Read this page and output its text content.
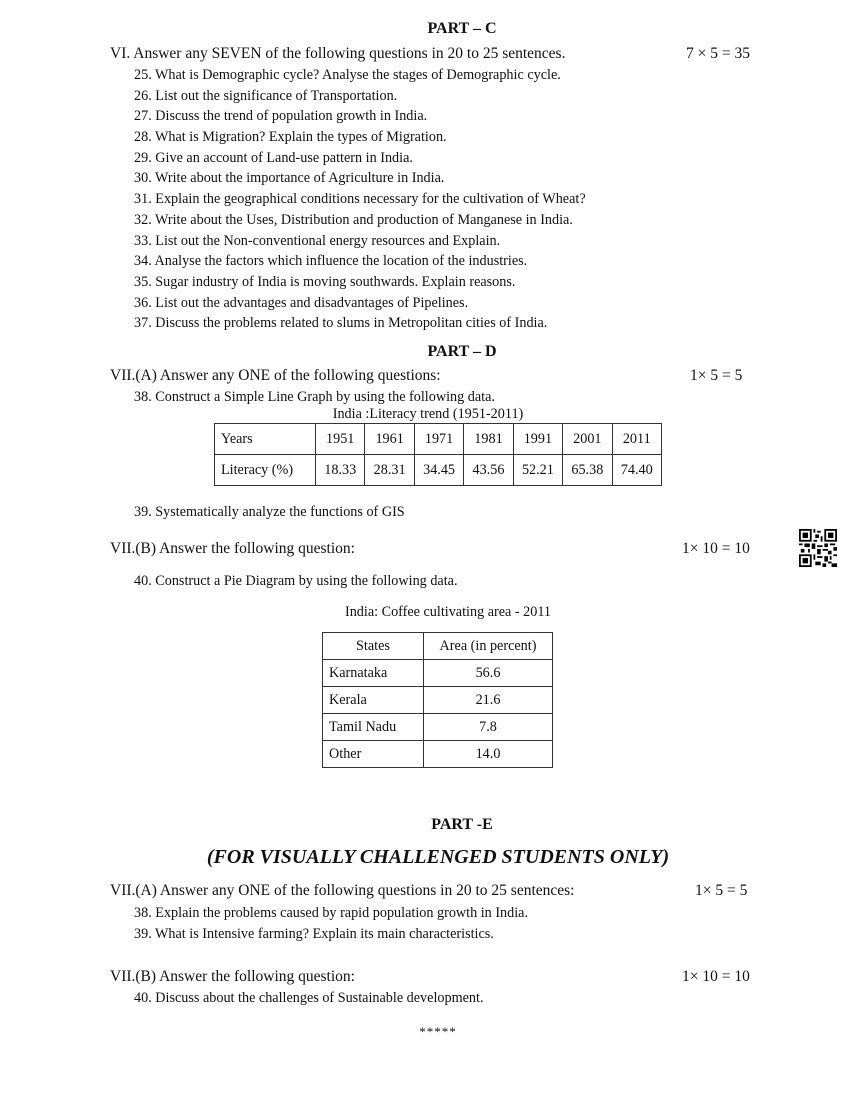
PART – C
VI. Answer any SEVEN of the following questions in 20 to 25 sentences.	7 × 5 = 35
25. What is Demographic cycle? Analyse the stages of Demographic cycle.
26. List out the significance of Transportation.
27. Discuss the trend of population growth in India.
28. What is Migration? Explain the types of Migration.
29. Give an account of Land-use pattern in India.
30. Write about the importance of Agriculture in India.
31. Explain the geographical conditions necessary for the cultivation of Wheat?
32. Write about the Uses, Distribution and production of Manganese in India.
33. List out the Non-conventional energy resources and Explain.
34. Analyse the factors which influence the location of the industries.
35. Sugar industry of India is moving southwards. Explain reasons.
36. List out the advantages and disadvantages of Pipelines.
37. Discuss the problems related to slums in Metropolitan cities of India.
PART – D
VII.(A) Answer any ONE of the following questions:	1× 5 = 5
38. Construct a Simple Line Graph by using the following data.
India :Literacy trend (1951-2011)
Years	1951	1961	1971	1981	1991	2001	2011
Literacy (%)	18.33	28.31	34.45	43.56	52.21	65.38	74.40
39. Systematically analyze the functions of GIS
VII.(B) Answer the following question:	1× 10 = 10
40. Construct a Pie Diagram by using the following data.
India: Coffee cultivating area - 2011
States	Area (in percent)
Karnataka	56.6
Kerala	21.6
Tamil Nadu	7.8
Other	14.0
PART -E
(FOR VISUALLY CHALLENGED STUDENTS ONLY)
VII.(A) Answer any ONE of the following questions in 20 to 25 sentences:	1× 5 = 5
38. Explain the problems caused by rapid population growth in India.
39. What is Intensive farming? Explain its main characteristics.
VII.(B) Answer the following question:	1× 10 = 10
40. Discuss about the challenges of Sustainable development.
*****
